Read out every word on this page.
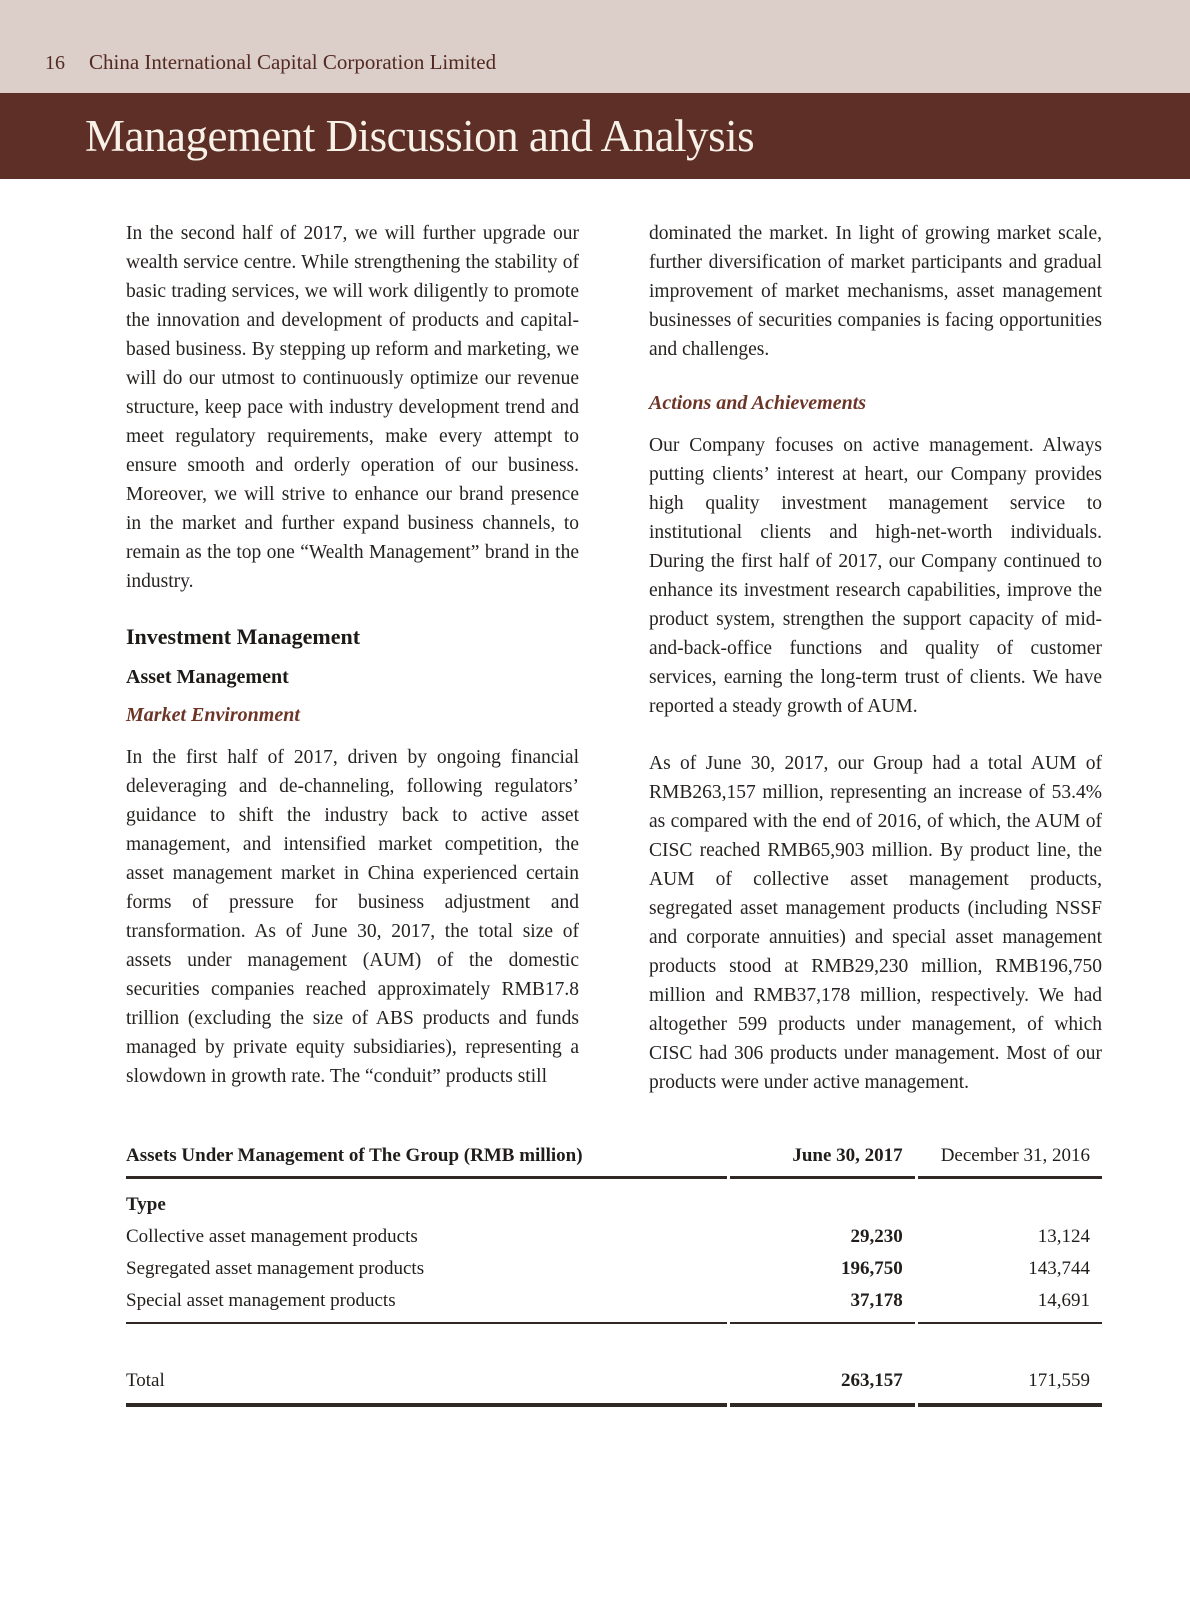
16 China International Capital Corporation Limited
Management Discussion and Analysis

In the second half of 2017, we will further upgrade our wealth service centre. While strengthening the stability of basic trading services, we will work diligently to promote the innovation and development of products and capital-based business. By stepping up reform and marketing, we will do our utmost to continuously optimize our revenue structure, keep pace with industry development trend and meet regulatory requirements, make every attempt to ensure smooth and orderly operation of our business. Moreover, we will strive to enhance our brand presence in the market and further expand business channels, to remain as the top one “Wealth Management” brand in the industry.

Investment Management
Asset Management
Market Environment

In the first half of 2017, driven by ongoing financial deleveraging and de-channeling, following regulators’ guidance to shift the industry back to active asset management, and intensified market competition, the asset management market in China experienced certain forms of pressure for business adjustment and transformation. As of June 30, 2017, the total size of assets under management (AUM) of the domestic securities companies reached approximately RMB17.8 trillion (excluding the size of ABS products and funds managed by private equity subsidiaries), representing a slowdown in growth rate. The “conduit” products still

dominated the market. In light of growing market scale, further diversification of market participants and gradual improvement of market mechanisms, asset management businesses of securities companies is facing opportunities and challenges.

Actions and Achievements

Our Company focuses on active management. Always putting clients’ interest at heart, our Company provides high quality investment management service to institutional clients and high-net-worth individuals. During the first half of 2017, our Company continued to enhance its investment research capabilities, improve the product system, strengthen the support capacity of mid-and-back-office functions and quality of customer services, earning the long-term trust of clients. We have reported a steady growth of AUM.

As of June 30, 2017, our Group had a total AUM of RMB263,157 million, representing an increase of 53.4% as compared with the end of 2016, of which, the AUM of CISC reached RMB65,903 million. By product line, the AUM of collective asset management products, segregated asset management products (including NSSF and corporate annuities) and special asset management products stood at RMB29,230 million, RMB196,750 million and RMB37,178 million, respectively. We had altogether 599 products under management, of which CISC had 306 products under management. Most of our products were under active management.

Assets Under Management of The Group (RMB million)	June 30, 2017	December 31, 2016
Type		
Collective asset management products	29,230	13,124
Segregated asset management products	196,750	143,744
Special asset management products	37,178	14,691

Total	263,157	171,559
